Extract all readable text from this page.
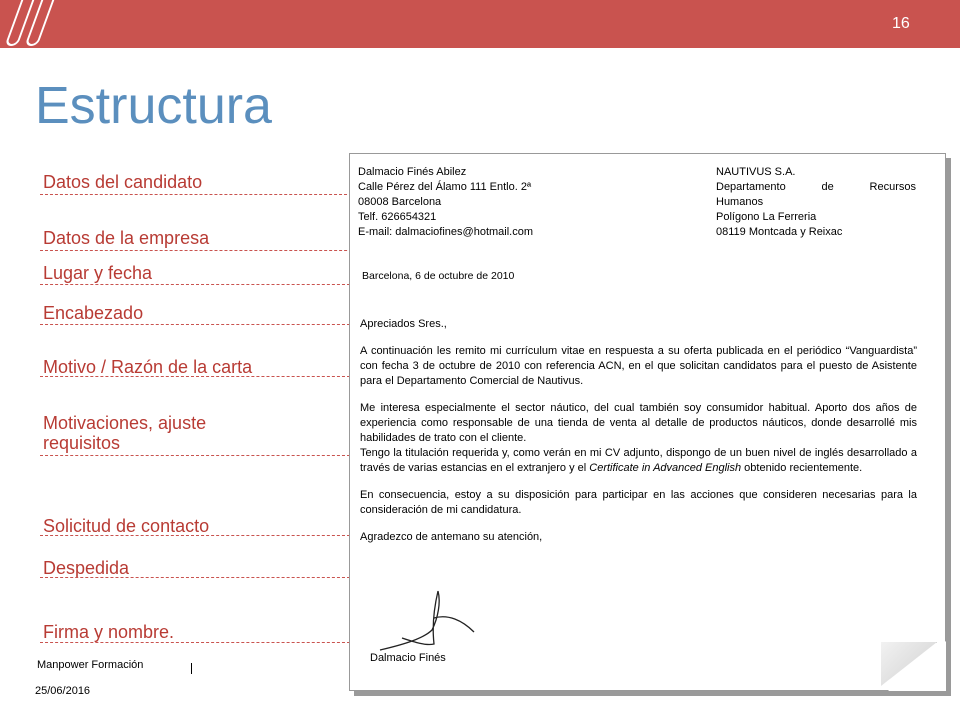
16
Estructura
Datos del candidato
Datos de la empresa
Lugar y fecha
Encabezado
Motivo / Razón de la carta
Motivaciones, ajuste requisitos
Solicitud de contacto
Despedida
Firma y nombre.
Dalmacio Finés Abilez
Calle Pérez del Álamo 111 Entlo. 2ª
08008 Barcelona
Telf. 626654321
E-mail: dalmaciofines@hotmail.com
NAUTIVUS S.A.
Departamento de Recursos
Humanos
Polígono La Ferreria
08119 Montcada y Reixac
Barcelona, 6 de octubre de 2010

Apreciados Sres.,

A continuación les remito mi currículum vitae en respuesta a su oferta publicada en el periódico “Vanguardista” con fecha 3 de octubre de 2010 con referencia ACN, en el que solicitan candidatos para el puesto de Asistente para el Departamento Comercial de Nautivus.

Me interesa especialmente el sector náutico, del cual también soy consumidor habitual. Aporto dos años de experiencia como responsable de una tienda de venta al detalle de productos náuticos, donde desarrollé mis habilidades de trato con el cliente.

Tengo la titulación requerida y, como verán en mi CV adjunto, dispongo de un buen nivel de inglés desarrollado a través de varias estancias en el extranjero y el Certificate in Advanced English obtenido recientemente.

En consecuencia, estoy a su disposición para participar en las acciones que consideren necesarias para la consideración de mi candidatura.

Agradezco de antemano su atención,

Dalmacio Finés
Manpower Formación
25/06/2016
